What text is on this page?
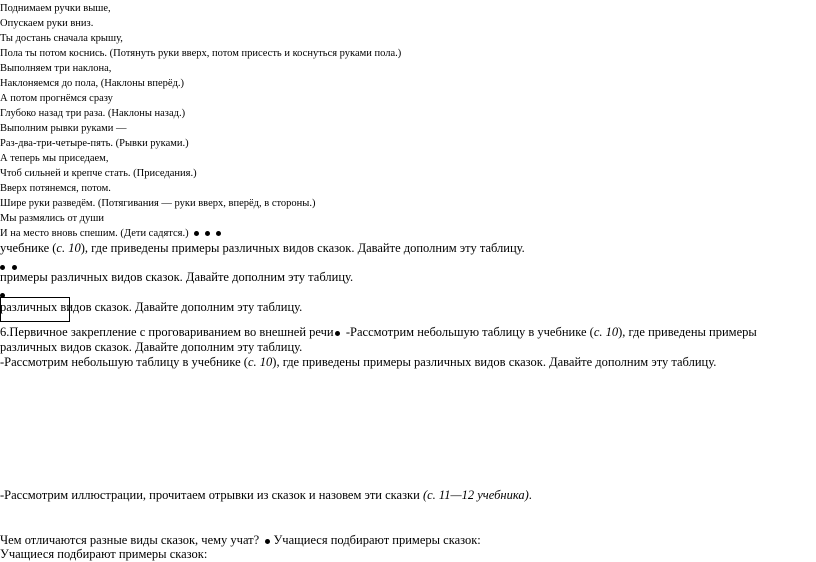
Поднимаем ручки выше,
Опускаем руки вниз.
Ты достань сначала крышу,
Пола ты потом коснись. (Потянуть руки вверх, потом присесть и коснуться руками пола.)
Выполняем три наклона,
Наклоняемся до пола, (Наклоны вперёд.)
А потом прогнёмся сразу
Глубоко назад три раза. (Наклоны назад.)
Выполним рывки руками —
Раз-два-три-четыре-пять. (Рывки руками.)
А теперь мы приседаем,
Чтоб сильней и крепче стать. (Приседания.)
Вверх потянемся, потом.
Шире руки разведём. (Потягивания — руки вверх, вперёд, в стороны.)
Мы размялись от души
И на место вновь спешим. (Дети садятся.)
учебнике (с. 10), где приведены примеры различных видов сказок. Давайте дополним эту таблицу.

примеры различных видов сказок. Давайте дополним эту таблицу.
различных видов сказок. Давайте дополним эту таблицу.
6.Первичное закрепление с проговариванием во внешней речи -Рассмотрим небольшую таблицу в учебнике (с. 10), где приведены примеры
различных видов сказок. Давайте дополним эту таблицу.
-Рассмотрим небольшую таблицу в учебнике (с. 10), где приведены примеры различных видов сказок. Давайте дополним эту таблицу.
-Рассмотрим иллюстрации, прочитаем отрывки из сказок и назовем эти сказки (с. 11—12 учебника).
Чем отличаются разные виды сказок, чему учат? Учащиеся подбирают примеры сказок:
Учащиеся подбирают примеры сказок:
